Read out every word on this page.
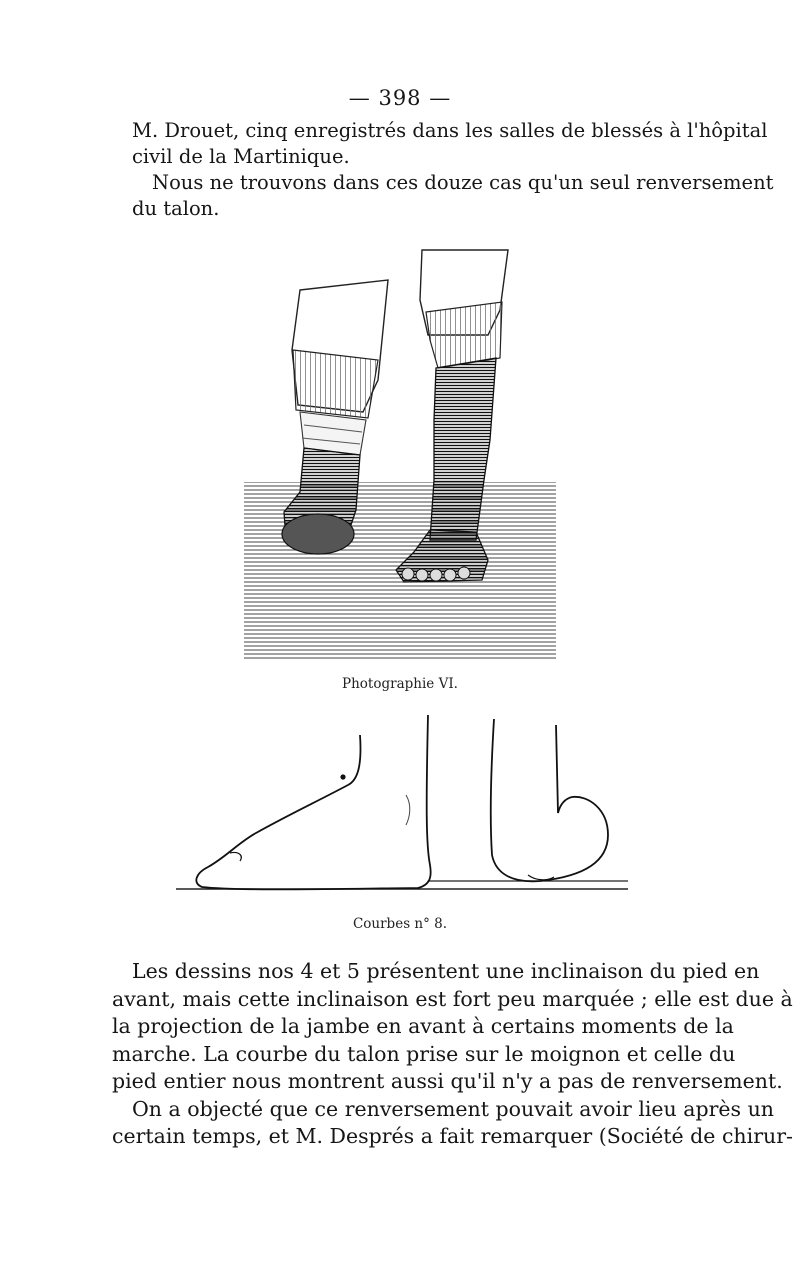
— 398 —
M. Drouet, cinq enregistrés dans les salles de blessés à l'hôpital
civil de la Martinique.
Nous ne trouvons dans ces douze cas qu'un seul renversement
du talon.
Photographie VI.
Courbes n° 8.
Les dessins nos 4 et 5 présentent une inclinaison du pied en
avant, mais cette inclinaison est fort peu marquée ; elle est due à
la projection de la jambe en avant à certains moments de la
marche. La courbe du talon prise sur le moignon et celle du
pied entier nous montrent aussi qu'il n'y a pas de renversement.
On a objecté que ce renversement pouvait avoir lieu après un
certain temps, et M. Després a fait remarquer (Société de chirur-
